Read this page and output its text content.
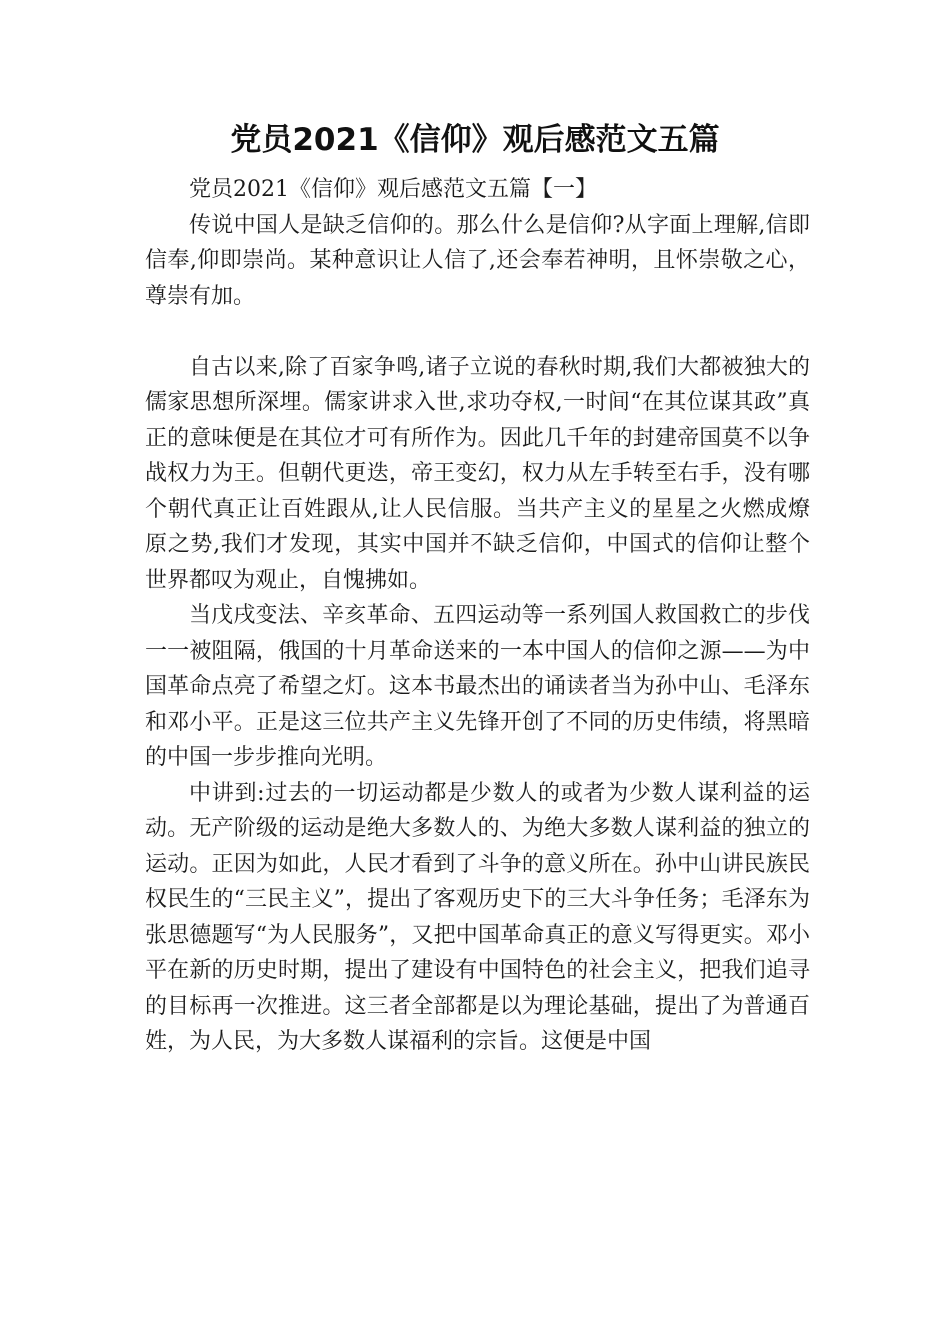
党员2021《信仰》观后感范文五篇

党员2021《信仰》观后感范文五篇【一】

传说中国人是缺乏信仰的。那么什么是信仰?从字面上理解,信即信奉,仰即崇尚。某种意识让人信了,还会奉若神明，且怀崇敬之心，尊崇有加。

自古以来,除了百家争鸣,诸子立说的春秋时期,我们大都被独大的儒家思想所深埋。儒家讲求入世,求功夺权,一时间“在其位谋其政”真正的意味便是在其位才可有所作为。因此几千年的封建帝国莫不以争战权力为王。但朝代更迭，帝王变幻，权力从左手转至右手，没有哪个朝代真正让百姓跟从,让人民信服。当共产主义的星星之火燃成燎原之势,我们才发现，其实中国并不缺乏信仰，中国式的信仰让整个世界都叹为观止，自愧拂如。

当戊戌变法、辛亥革命、五四运动等一系列国人救国救亡的步伐一一被阻隔，俄国的十月革命送来的一本中国人的信仰之源——为中国革命点亮了希望之灯。这本书最杰出的诵读者当为孙中山、毛泽东和邓小平。正是这三位共产主义先锋开创了不同的历史伟绩，将黑暗的中国一步步推向光明。

中讲到:过去的一切运动都是少数人的或者为少数人谋利益的运动。无产阶级的运动是绝大多数人的、为绝大多数人谋利益的独立的运动。正因为如此，人民才看到了斗争的意义所在。孙中山讲民族民权民生的“三民主义”，提出了客观历史下的三大斗争任务；毛泽东为张思德题写“为人民服务”，又把中国革命真正的意义写得更实。邓小平在新的历史时期，提出了建设有中国特色的社会主义，把我们追寻的目标再一次推进。这三者全部都是以为理论基础，提出了为普通百姓，为人民，为大多数人谋福利的宗旨。这便是中国
